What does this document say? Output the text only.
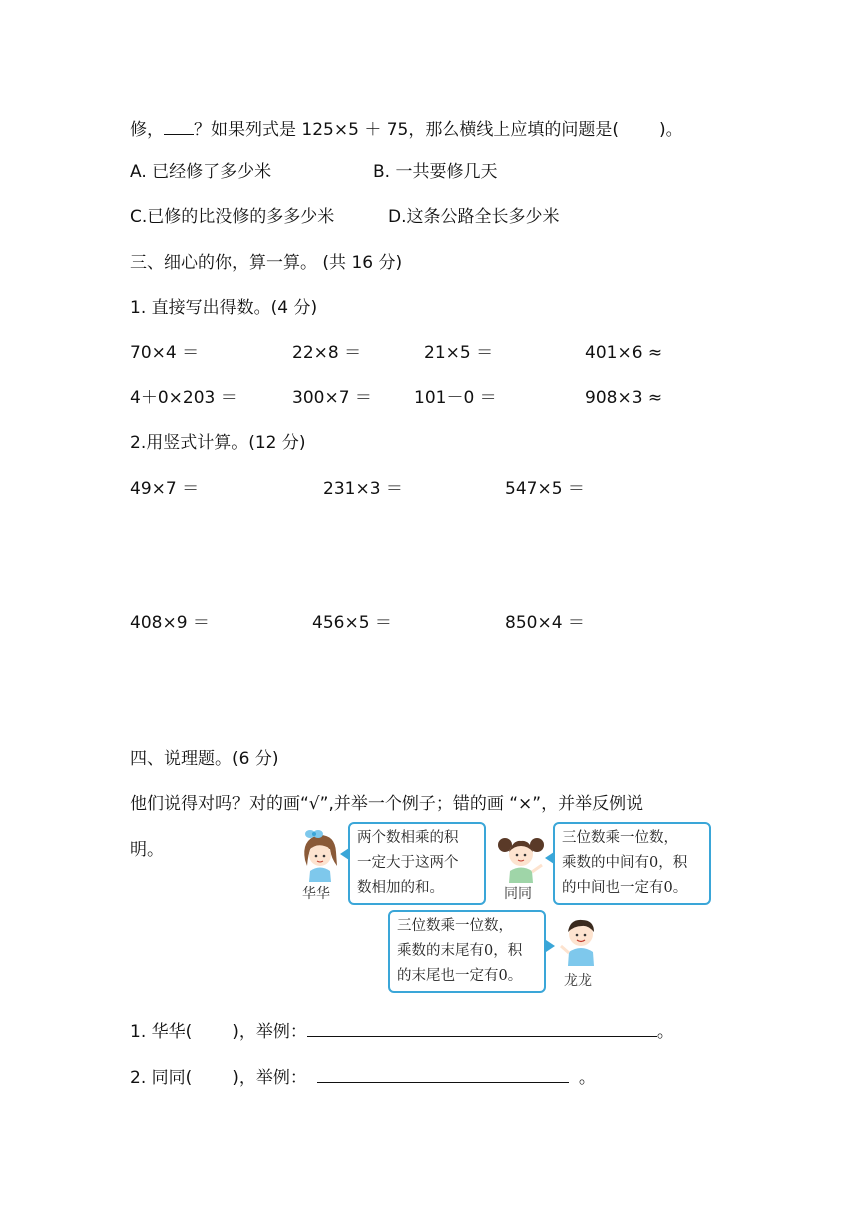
修， ？如果列式是 125×5 ＋ 75，那么横线上应填的问题是( )。
A. 已经修了多少米	B. 一共要修几天
C.已修的比没修的多多少米	D.这条公路全长多少米
三、细心的你，算一算。 (共 16 分)
1. 直接写出得数。(4 分)
70×4 ＝	22×8 ＝	21×5 ＝	401×6 ≈
4＋0×203 ＝	300×7 ＝ 101－0 ＝	908×3 ≈
2.用竖式计算。(12 分)
49×7 ＝	231×3 ＝	547×5 ＝
408×9 ＝	456×5 ＝	850×4 ＝
四、说理题。(6 分)
他们说得对吗？对的画“√”,并举一个例子；错的画 “×”，并举反例说
明。
华华
两个数相乘的积
一定大于这两个
数相加的和。	同同
三位数乘一位数，
乘数的中间有0，积
的中间也一定有0。
三位数乘一位数，
乘数的末尾有0，积
的末尾也一定有0。	龙龙
1. 华华( )，举例：	。
2. 同同( )，举例：	。
